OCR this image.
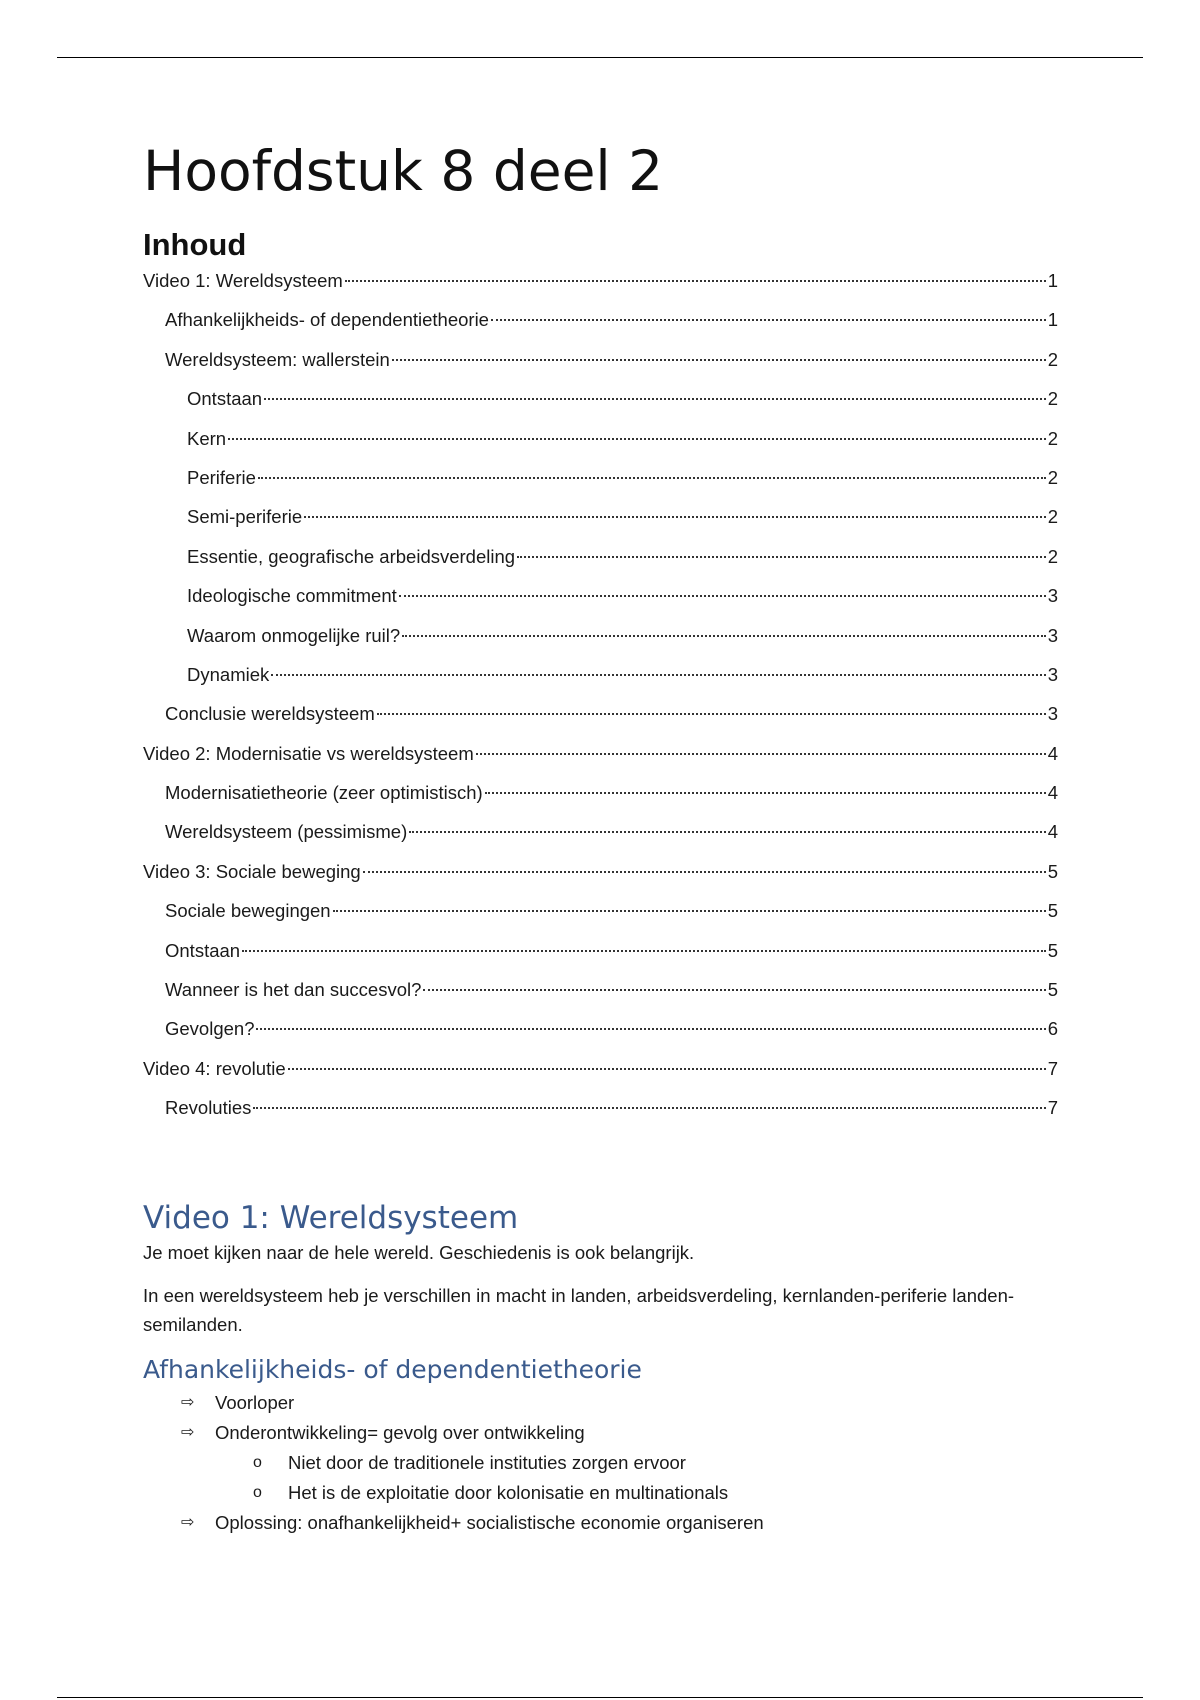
Hoofdstuk 8 deel 2
Inhoud
Video 1: Wereldsysteem	1
Afhankelijkheids- of dependentietheorie	1
Wereldsysteem: wallerstein	2
Ontstaan	2
Kern	2
Periferie	2
Semi-periferie	2
Essentie, geografische arbeidsverdeling	2
Ideologische commitment	3
Waarom onmogelijke ruil?	3
Dynamiek	3
Conclusie wereldsysteem	3
Video 2: Modernisatie vs wereldsysteem	4
Modernisatietheorie (zeer optimistisch)	4
Wereldsysteem (pessimisme)	4
Video 3: Sociale beweging	5
Sociale bewegingen	5
Ontstaan	5
Wanneer is het dan succesvol?	5
Gevolgen?	6
Video 4: revolutie	7
Revoluties	7
Video 1: Wereldsysteem

Je moet kijken naar de hele wereld. Geschiedenis is ook belangrijk.

In een wereldsysteem heb je verschillen in macht in landen, arbeidsverdeling, kernlanden-periferie landen-semilanden.

Afhankelijkheids- of dependentietheorie
⇨ Voorloper
⇨ Onderontwikkeling= gevolg over ontwikkeling
o Niet door de traditionele instituties zorgen ervoor
o Het is de exploitatie door kolonisatie en multinationals
⇨ Oplossing: onafhankelijkheid+ socialistische economie organiseren
